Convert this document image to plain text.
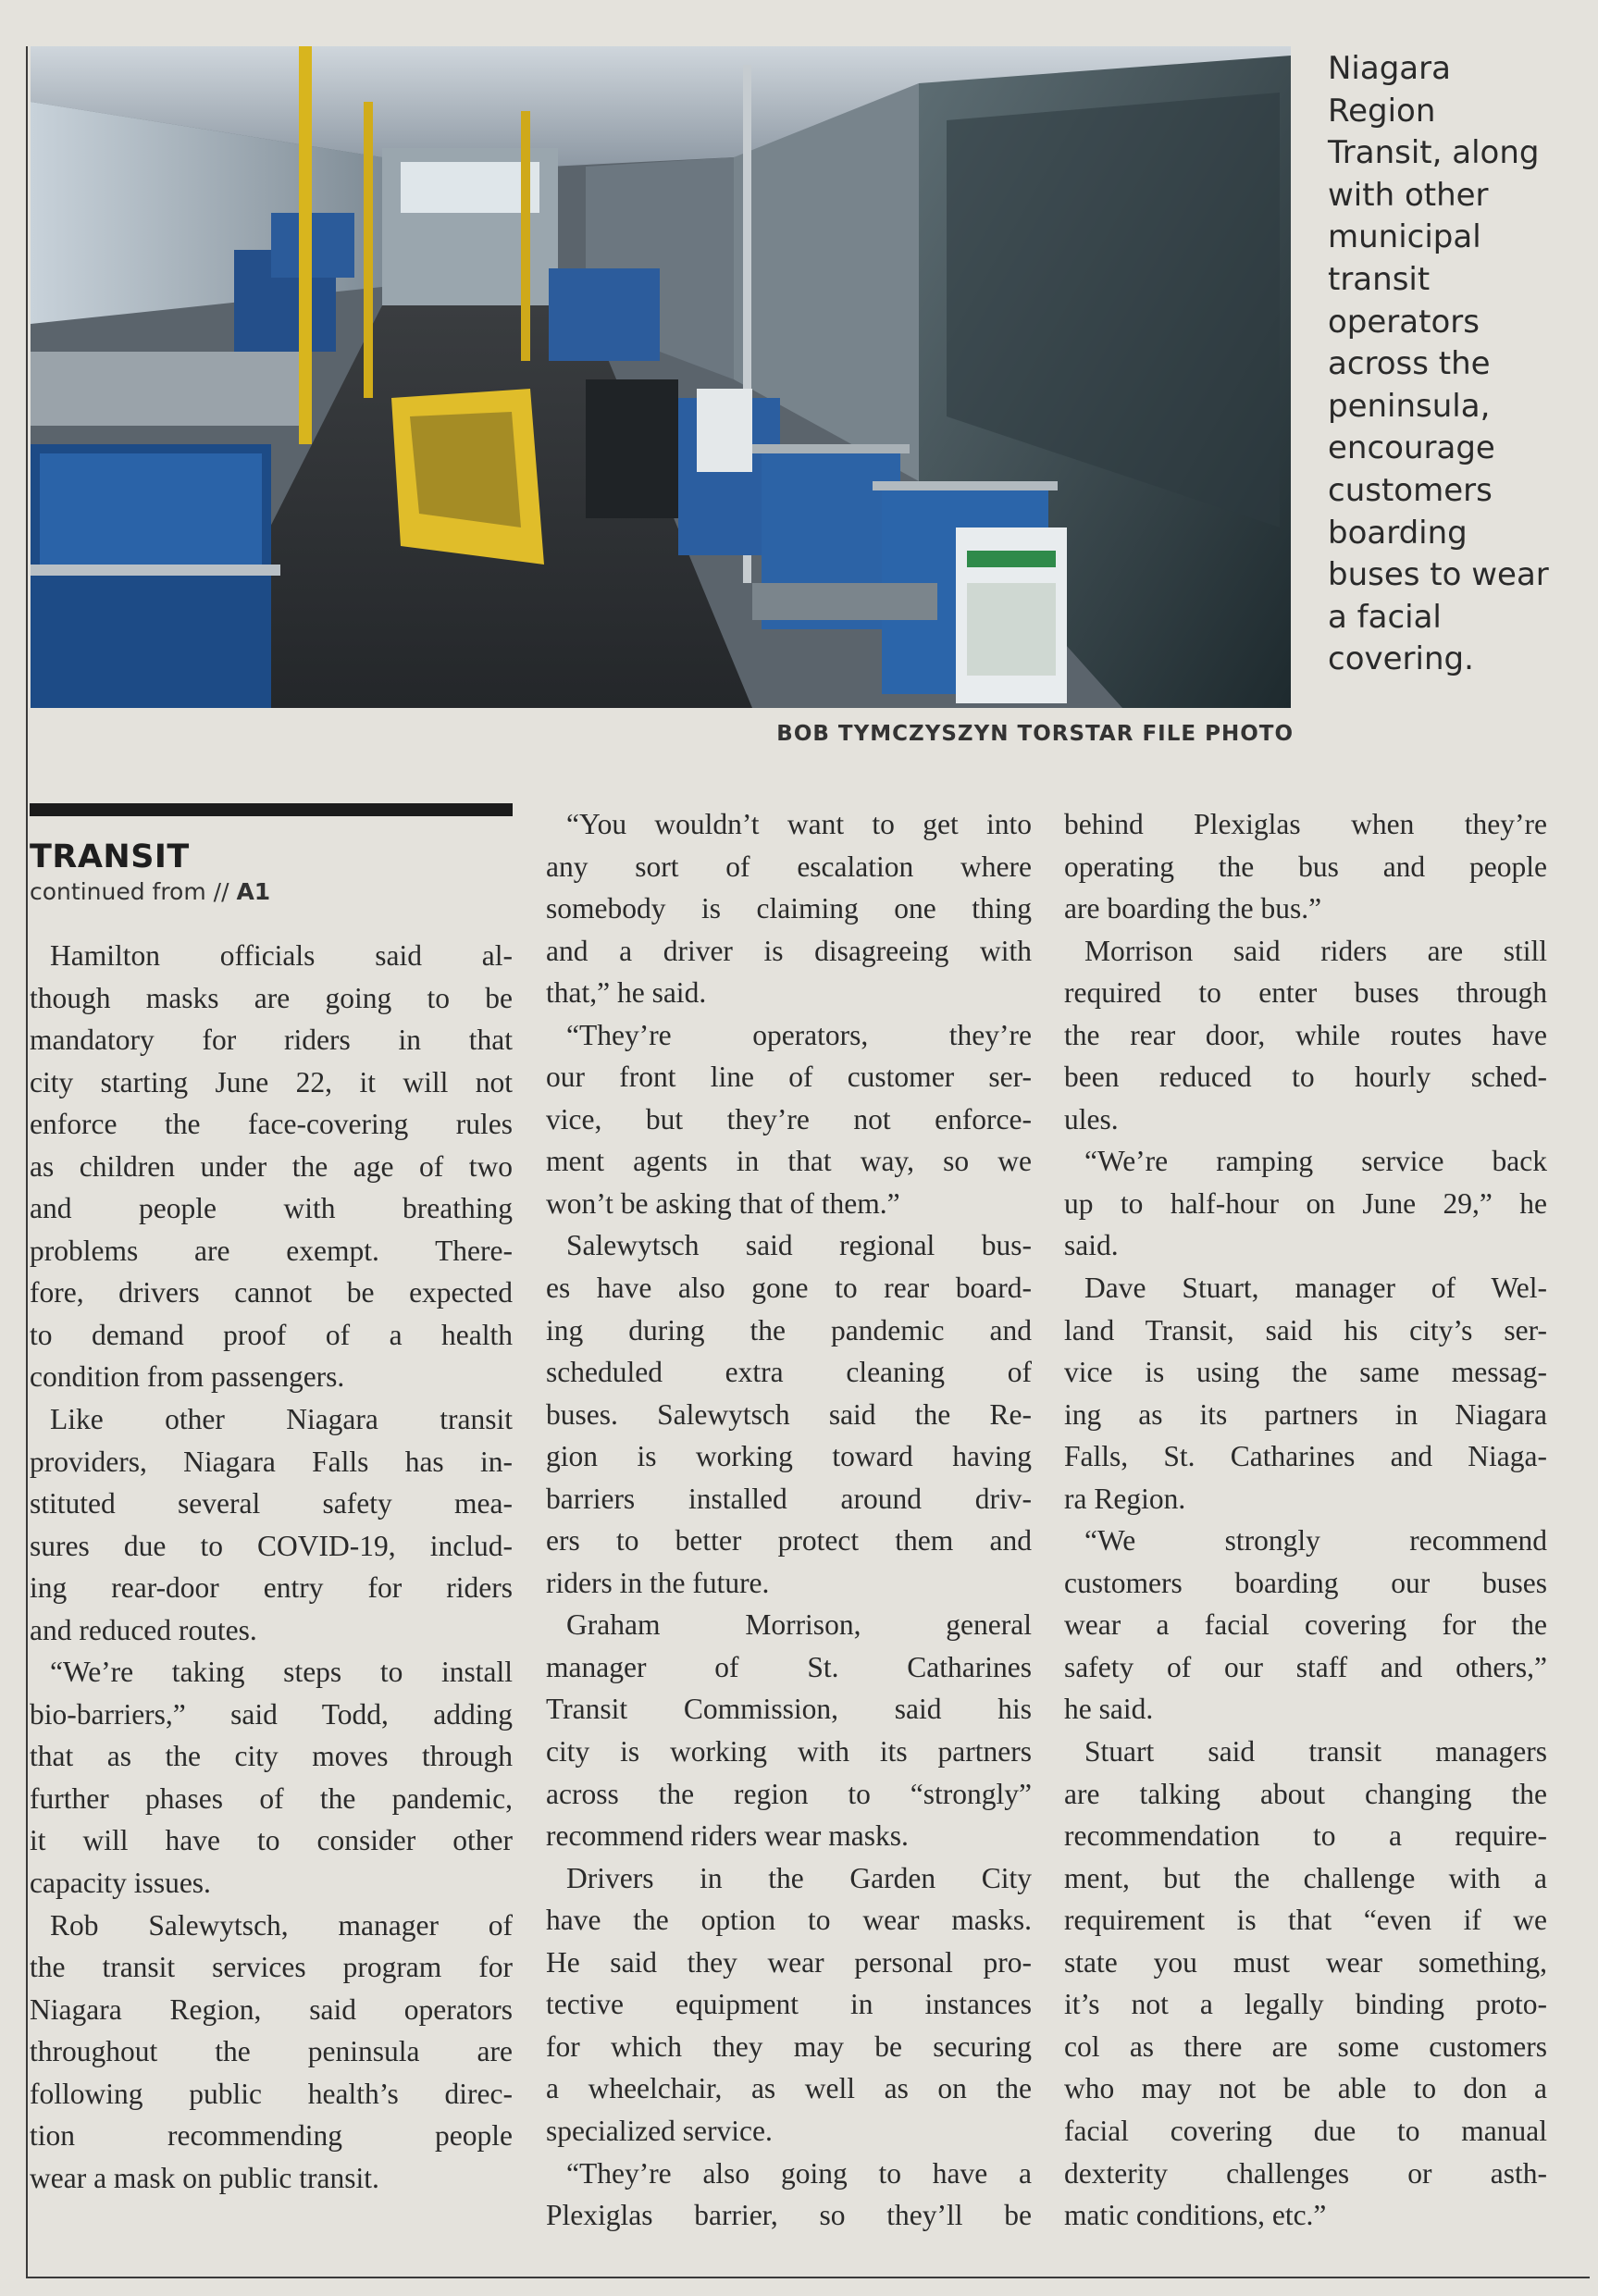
Niagara
Region
Transit, along
with other
municipal
transit
operators
across the
peninsula,
encourage
customers
boarding
buses to wear
a facial
covering.
BOB TYMCZYSZYN TORSTAR FILE PHOTO
TRANSIT
continued from // A1
Hamilton officials said al-
though masks are going to be
mandatory for riders in that
city starting June 22, it will not
enforce the face-covering rules
as children under the age of two
and people with breathing
problems are exempt. There-
fore, drivers cannot be expected
to demand proof of a health
condition from passengers.
Like other Niagara transit
providers, Niagara Falls has in-
stituted several safety mea-
sures due to COVID-19, includ-
ing rear-door entry for riders
and reduced routes.
“We’re taking steps to install
bio-barriers,” said Todd, adding
that as the city moves through
further phases of the pandemic,
it will have to consider other
capacity issues.
Rob Salewytsch, manager of
the transit services program for
Niagara Region, said operators
throughout the peninsula are
following public health’s direc-
tion recommending people
wear a mask on public transit.
“You wouldn’t want to get into
any sort of escalation where
somebody is claiming one thing
and a driver is disagreeing with
that,” he said.
“They’re operators, they’re
our front line of customer ser-
vice, but they’re not enforce-
ment agents in that way, so we
won’t be asking that of them.”
Salewytsch said regional bus-
es have also gone to rear board-
ing during the pandemic and
scheduled extra cleaning of
buses. Salewytsch said the Re-
gion is working toward having
barriers installed around driv-
ers to better protect them and
riders in the future.
Graham Morrison, general
manager of St. Catharines
Transit Commission, said his
city is working with its partners
across the region to “strongly”
recommend riders wear masks.
Drivers in the Garden City
have the option to wear masks.
He said they wear personal pro-
tective equipment in instances
for which they may be securing
a wheelchair, as well as on the
specialized service.
“They’re also going to have a
Plexiglas barrier, so they’ll be
behind Plexiglas when they’re
operating the bus and people
are boarding the bus.”
Morrison said riders are still
required to enter buses through
the rear door, while routes have
been reduced to hourly sched-
ules.
“We’re ramping service back
up to half-hour on June 29,” he
said.
Dave Stuart, manager of Wel-
land Transit, said his city’s ser-
vice is using the same messag-
ing as its partners in Niagara
Falls, St. Catharines and Niaga-
ra Region.
“We strongly recommend
customers boarding our buses
wear a facial covering for the
safety of our staff and others,”
he said.
Stuart said transit managers
are talking about changing the
recommendation to a require-
ment, but the challenge with a
requirement is that “even if we
state you must wear something,
it’s not a legally binding proto-
col as there are some customers
who may not be able to don a
facial covering due to manual
dexterity challenges or asth-
matic conditions, etc.”
